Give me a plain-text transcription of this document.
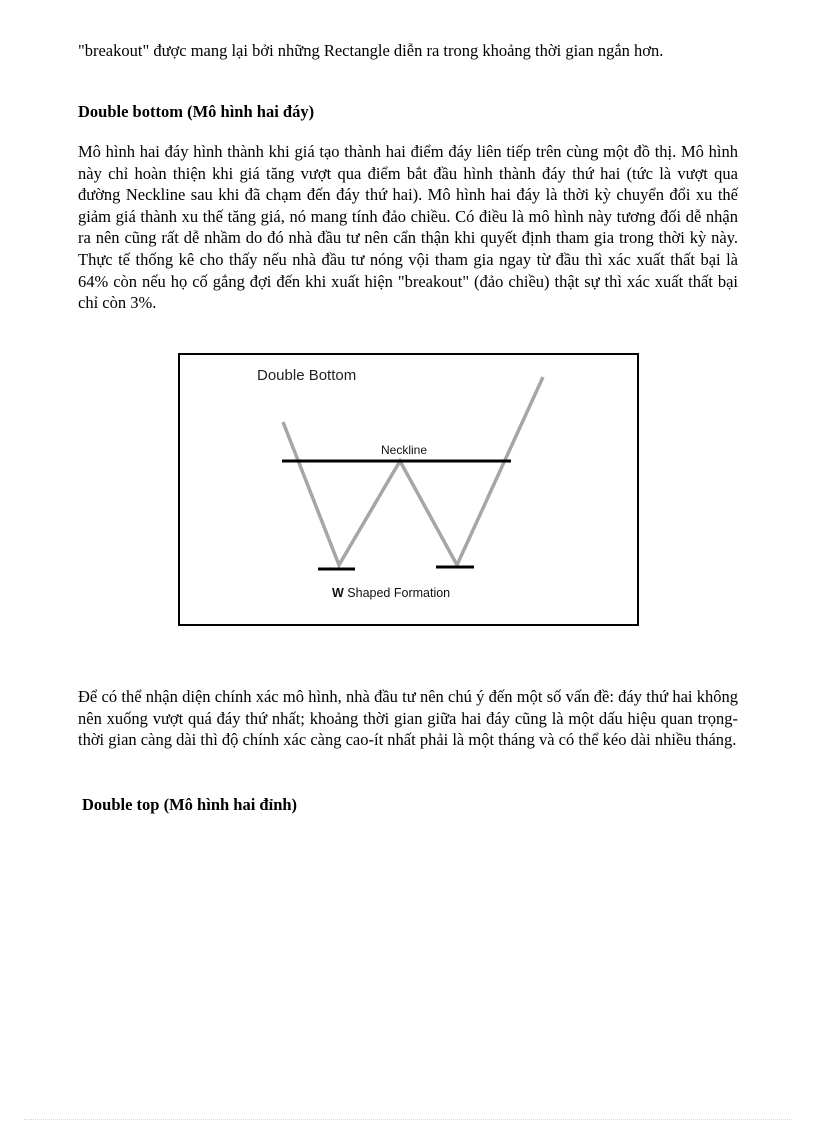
"breakout" được mang lại bởi những Rectangle diễn ra trong khoảng thời gian ngắn hơn.

Double bottom (Mô hình hai đáy)

Mô hình hai đáy hình thành khi giá tạo thành hai điểm đáy liên tiếp trên cùng một đồ thị. Mô hình này chỉ hoàn thiện khi giá tăng vượt qua điểm bắt đầu hình thành đáy thứ hai (tức là vượt qua đường Neckline sau khi đã chạm đến đáy thứ hai). Mô hình hai đáy là thời kỳ chuyển đổi xu thế giảm giá thành xu thế tăng giá, nó mang tính đảo chiều. Có điều là mô hình này tương đối dễ nhận ra nên cũng rất dễ nhầm do đó nhà đầu tư nên cẩn thận khi quyết định tham gia trong thời kỳ này. Thực tế thống kê cho thấy nếu nhà đầu tư nóng vội tham gia ngay từ đầu thì xác xuất thất bại là 64% còn nếu họ cố gắng đợi đến khi xuất hiện "breakout" (đảo chiều) thật sự thì xác xuất thất bại chỉ còn 3%.

Double Bottom
Neckline
W Shaped Formation

Để có thể nhận diện chính xác mô hình, nhà đầu tư nên chú ý đến một số vấn đề: đáy thứ hai không nên xuống vượt quá đáy thứ nhất; khoảng thời gian giữa hai đáy cũng là một dấu hiệu quan trọng-thời gian càng dài thì độ chính xác càng cao-ít nhất phải là một tháng và có thể kéo dài nhiều tháng.

Double top (Mô hình hai đỉnh)
